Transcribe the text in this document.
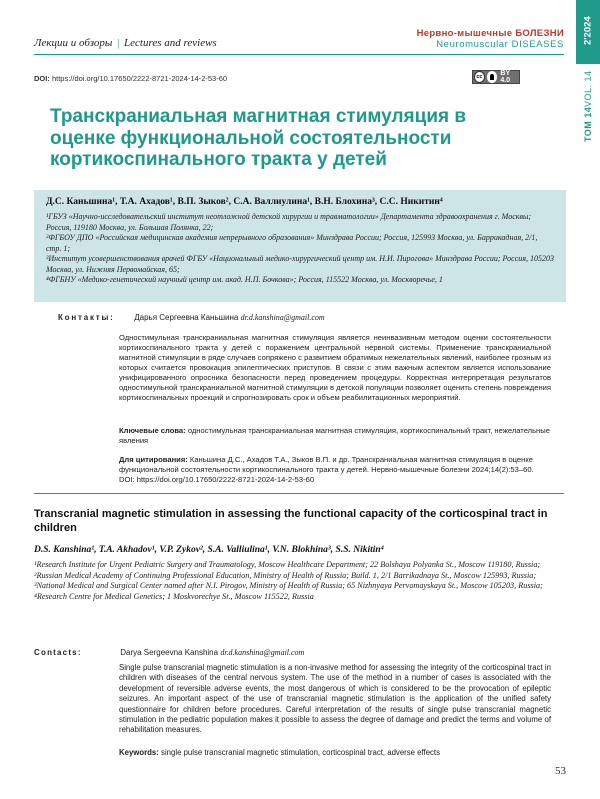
2'2024
ТОМ 14
VOL. 14
Лекции и обзоры | Lectures and reviews
Нервно-мышечные БОЛЕЗНИ
Neuromuscular DISEASES
DOI: https://doi.org/10.17650/2222-8721-2024-14-2-53-60	cc	BY 4.0
Транскраниальная магнитная стимуляция в оценке функциональной состоятельности кортикоспинального тракта у детей
Д.С. Каньшина¹, Т.А. Ахадов¹, В.П. Зыков², С.А. Валлиулина¹, В.Н. Блохина³, С.С. Никитин⁴
¹ГБУЗ «Научно-исследовательский институт неотложной детской хирургии и травматологии» Департамента здравоохранения г. Москвы; Россия, 119180 Москва, ул. Большая Полянка, 22;
²ФГБОУ ДПО «Российская медицинская академия непрерывного образования» Минздрава России; Россия, 125993 Москва, ул. Баррикадная, 2/1, стр. 1;
³Институт усовершенствования врачей ФГБУ «Национальный медико-хирургический центр им. Н.И. Пирогова» Минздрава России; Россия, 105203 Москва, ул. Нижняя Первомайская, 65;
⁴ФГБНУ «Медико-генетический научный центр им. акад. Н.П. Бочкова»; Россия, 115522 Москва, ул. Москворечье, 1
Контакты: Дарья Сергеевна Каньшина dr.d.kanshina@gmail.com

Одностимульная транскраниальная магнитная стимуляция является неинвазивным методом оценки состоятельности кортикоспинального тракта у детей с поражением центральной нервной системы. Применение транскраниальной магнитной стимуляции в ряде случаев сопряжено с развитием обратимых нежелательных явлений, наиболее грозным из которых считается провокация эпилептических приступов. В связи с этим важным аспектом является использование унифицированного опросника безопасности перед проведением процедуры. Корректная интерпретация результатов одностимульной транскраниальной магнитной стимуляции в детской популяции позволяет оценить степень повреждения кортикоспинальных проекций и спрогнозировать срок и объем реабилитационных мероприятий.

Ключевые слова: одностимульная транскраниальная магнитная стимуляция, кортикоспинальный тракт, нежелательные явления

Для цитирования: Каньшина Д.С., Ахадов Т.А., Зыков В.П. и др. Транскраниальная магнитная стимуляция в оценке функциональной состоятельности кортикоспинального тракта у детей. Нервно-мышечные болезни 2024;14(2):53–60. DOI: https://doi.org/10.17650/2222-8721-2024-14-2-53-60

Transcranial magnetic stimulation in assessing the functional capacity of the corticospinal tract in children
D.S. Kanshina¹, T.A. Akhadov¹, V.P. Zykov², S.A. Valliulina¹, V.N. Blokhina³, S.S. Nikitin⁴
¹Research Institute for Urgent Pediatric Surgery and Traumatology, Moscow Healthcare Department; 22 Bolshaya Polyanka St., Moscow 119180, Russia;
²Russian Medical Academy of Continuing Professional Education, Ministry of Health of Russia; Build. 1, 2/1 Barrikadnaya St., Moscow 125993, Russia;
³National Medical and Surgical Center named after N.I. Pirogov, Ministry of Health of Russia; 65 Nizhnyaya Pervomayskaya St., Moscow 105203, Russia;
⁴Research Centre for Medical Genetics; 1 Moskvorechye St., Moscow 115522, Russia
Contacts:	Darya Sergeevna Kanshina dr.d.kanshina@gmail.com

Single pulse transcranial magnetic stimulation is a non-invasive method for assessing the integrity of the corticospinal tract in children with diseases of the central nervous system. The use of the method in a number of cases is associated with the development of reversible adverse events, the most dangerous of which is considered to be the provocation of epileptic seizures. An important aspect of the use of transcranial magnetic stimulation is the application of the unified safety questionnaire for children before procedures. Careful interpretation of the results of single pulse transcranial magnetic stimulation in the pediatric population makes it possible to assess the degree of damage and predict the terms and volume of rehabilitation measures.

Keywords: single pulse transcranial magnetic stimulation, corticospinal tract, adverse effects

53
